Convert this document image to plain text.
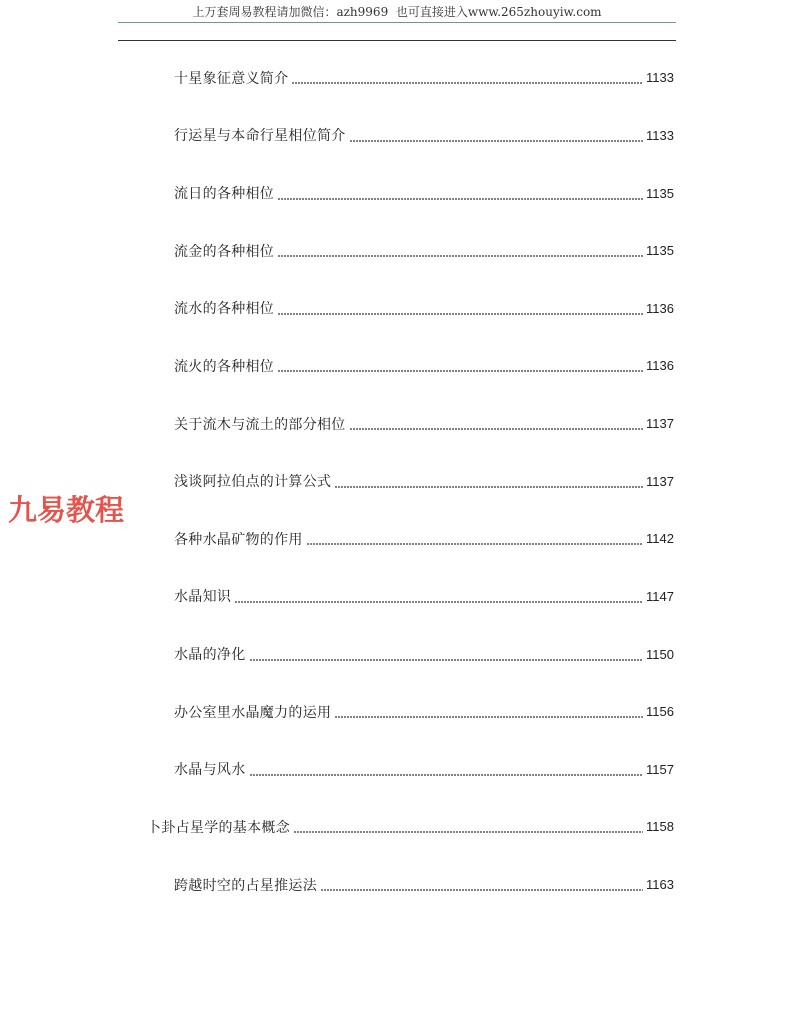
上万套周易教程请加微信：azh9969  也可直接进入www.265zhouyiw.com
九易教程
十星象征意义简介	1133
行运星与本命行星相位简介	1133
流日的各种相位	1135
流金的各种相位	1135
流水的各种相位	1136
流火的各种相位	1136
关于流木与流土的部分相位	1137
浅谈阿拉伯点的计算公式	1137
各种水晶矿物的作用	1142
水晶知识	1147
水晶的净化	1150
办公室里水晶魔力的运用	1156
水晶与风水	1157
卜卦占星学的基本概念	1158
跨越时空的占星推运法	1163
